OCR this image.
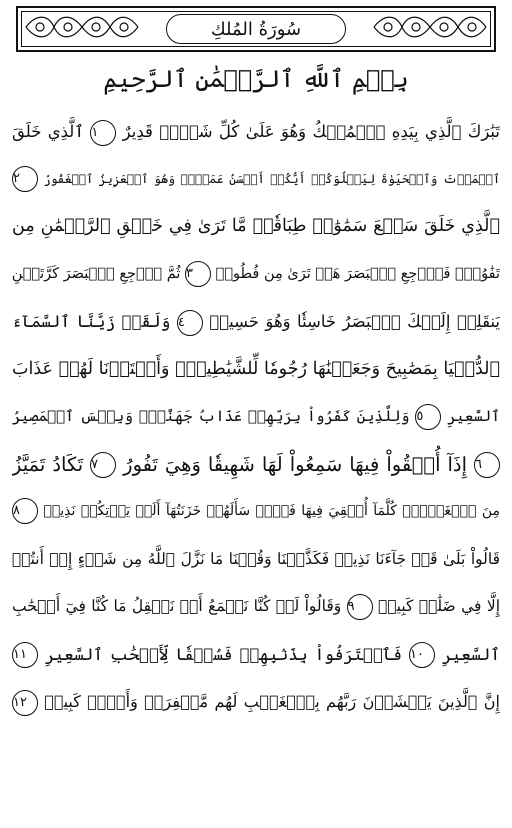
سُورَةُ المُلكِ
بِسۡمِ ٱللَّهِ ٱلرَّحۡمَٰنِ ٱلرَّحِيمِ
تَبَٰرَكَ ٱلَّذِي بِيَدِهِ ٱلۡمُلۡكُ وَهُوَ عَلَىٰ كُلِّ شَيۡءٖ قَدِيرٌ ١ ٱلَّذِي خَلَقَ
ٱلۡمَوۡتَ وَٱلۡحَيَوٰةَ لِيَبۡلُوَكُمۡ أَيُّكُمۡ أَحۡسَنُ عَمَلٗاۚ وَهُوَ ٱلۡعَزِيزُ ٱلۡغَفُورُ ٢
ٱلَّذِي خَلَقَ سَبۡعَ سَمَٰوَٰتٖ طِبَاقٗاۖ مَّا تَرَىٰ فِي خَلۡقِ ٱلرَّحۡمَٰنِ مِن
تَفَٰوُتٖۖ فَٱرۡجِعِ ٱلۡبَصَرَ هَلۡ تَرَىٰ مِن فُطُورٖ ٣ ثُمَّ ٱرۡجِعِ ٱلۡبَصَرَ كَرَّتَيۡنِ
يَنقَلِبۡ إِلَيۡكَ ٱلۡبَصَرُ خَاسِئٗا وَهُوَ حَسِيرٞ ٤ وَلَقَدۡ زَيَّنَّا ٱلسَّمَآءَ
ٱلدُّنۡيَا بِمَصَٰبِيحَ وَجَعَلۡنَٰهَا رُجُومٗا لِّلشَّيَٰطِينِۖ وَأَعۡتَدۡنَا لَهُمۡ عَذَابَ
ٱلسَّعِيرِ ٥ وَلِلَّذِينَ كَفَرُواْ بِرَبِّهِمۡ عَذَابُ جَهَنَّمَۖ وَبِئۡسَ ٱلۡمَصِيرُ
٦ إِذَآ أُلۡقُواْ فِيهَا سَمِعُواْ لَهَا شَهِيقٗا وَهِيَ تَفُورُ ٧ تَكَادُ تَمَيَّزُ
مِنَ ٱلۡغَيۡظِۖ كُلَّمَآ أُلۡقِيَ فِيهَا فَوۡجٞ سَأَلَهُمۡ خَزَنَتُهَآ أَلَمۡ يَأۡتِكُمۡ نَذِيرٞ ٨
قَالُواْ بَلَىٰ قَدۡ جَآءَنَا نَذِيرٞ فَكَذَّبۡنَا وَقُلۡنَا مَا نَزَّلَ ٱللَّهُ مِن شَيۡءٍ إِنۡ أَنتُمۡ
إِلَّا فِي ضَلَٰلٖ كَبِيرٖ ٩ وَقَالُواْ لَوۡ كُنَّا نَسۡمَعُ أَوۡ نَعۡقِلُ مَا كُنَّا فِيٓ أَصۡحَٰبِ
ٱلسَّعِيرِ ١٠ فَٱعۡتَرَفُواْ بِذَنۢبِهِمۡ فَسُحۡقٗا لِّأَصۡحَٰبِ ٱلسَّعِيرِ ١١
إِنَّ ٱلَّذِينَ يَخۡشَوۡنَ رَبَّهُم بِٱلۡغَيۡبِ لَهُم مَّغۡفِرَةٞ وَأَجۡرٞ كَبِيرٞ ١٢
